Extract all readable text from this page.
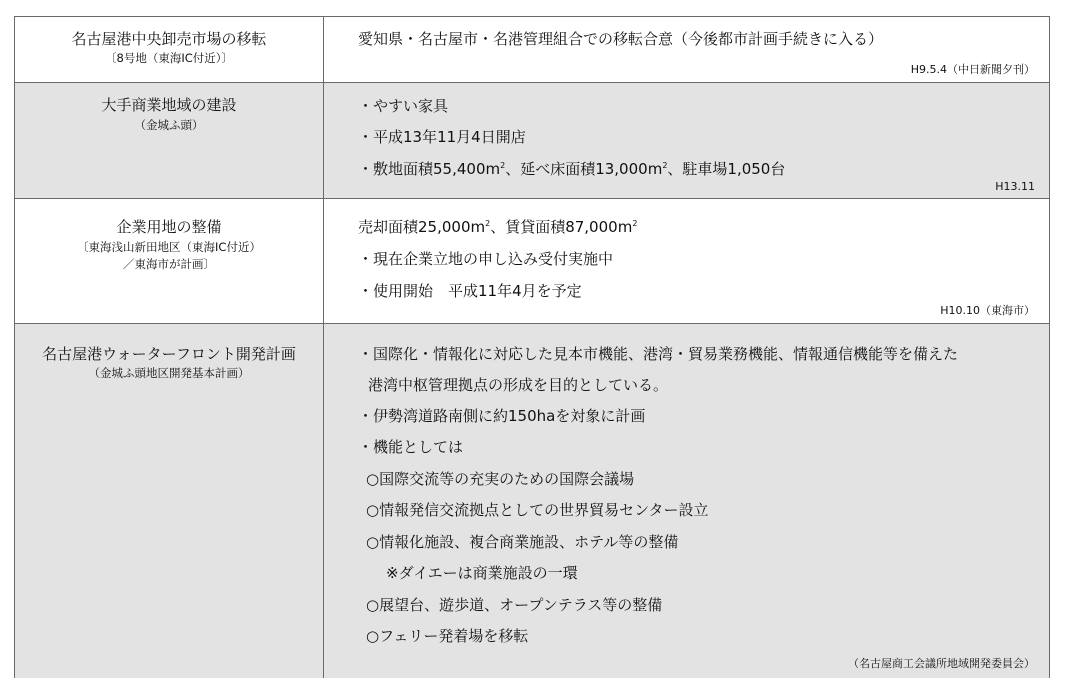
名古屋港中央卸売市場の移転
〔8号地（東海IC付近）〕
愛知県・名古屋市・名港管理組合での移転合意（今後都市計画手続きに入る）
H9.5.4（中日新聞夕刊）
大手商業地域の建設
（金城ふ頭）
・やすい家具
・平成13年11月4日開店
・敷地面積$55,400m^2$、延べ床面積$13,000m^2$、駐車場1,050台
H13.11
企業用地の整備
〔東海浅山新田地区（東海IC付近）
／東海市が計画〕
売却面積$25,000m^2$、賃貸面積$87,000m^2$
・現在企業立地の申し込み受付実施中
・使用開始　平成11年4月を予定
H10.10（東海市）
名古屋港ウォーターフロント開発計画
（金城ふ頭地区開発基本計画）
・国際化・情報化に対応した見本市機能、港湾・貿易業務機能、情報通信機能等を備えた
港湾中枢管理拠点の形成を目的としている。
・伊勢湾道路南側に約150haを対象に計画
・機能としては
○国際交流等の充実のための国際会議場
○情報発信交流拠点としての世界貿易センター設立
○情報化施設、複合商業施設、ホテル等の整備
※ダイエーは商業施設の一環
○展望台、遊歩道、オープンテラス等の整備
○フェリー発着場を移転
（名古屋商工会議所地域開発委員会）
